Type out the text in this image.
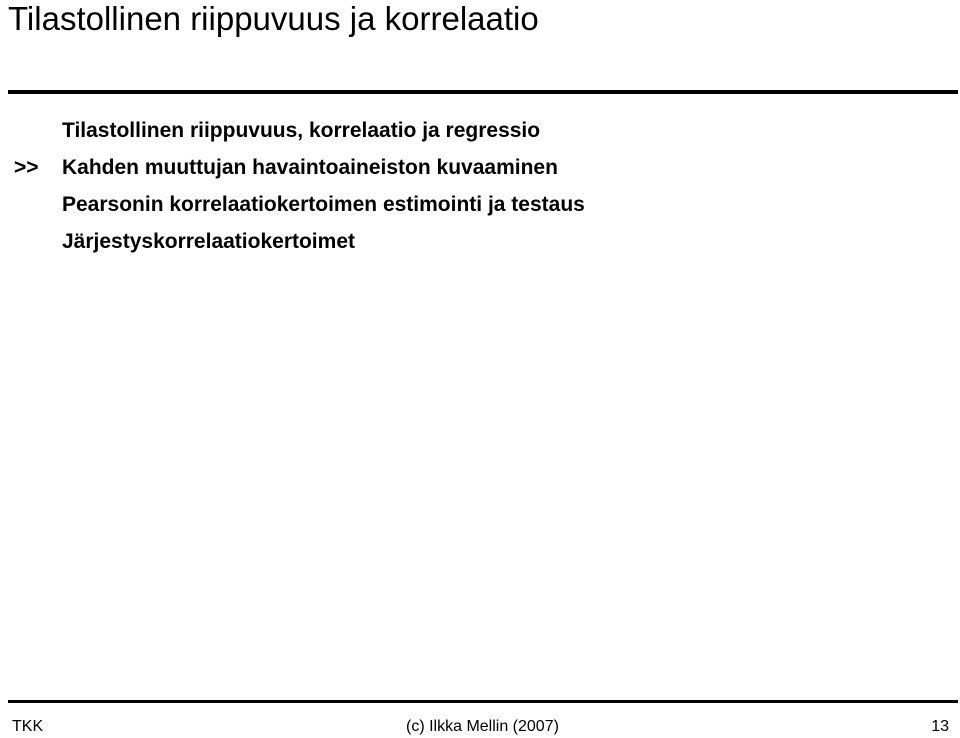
Tilastollinen riippuvuus ja korrelaatio
Tilastollinen riippuvuus, korrelaatio ja regressio
>>	Kahden muuttujan havaintoaineiston kuvaaminen
Pearsonin korrelaatiokertoimen estimointi ja testaus
Järjestyskorrelaatiokertoimet
TKK	(c) Ilkka Mellin (2007)	13
